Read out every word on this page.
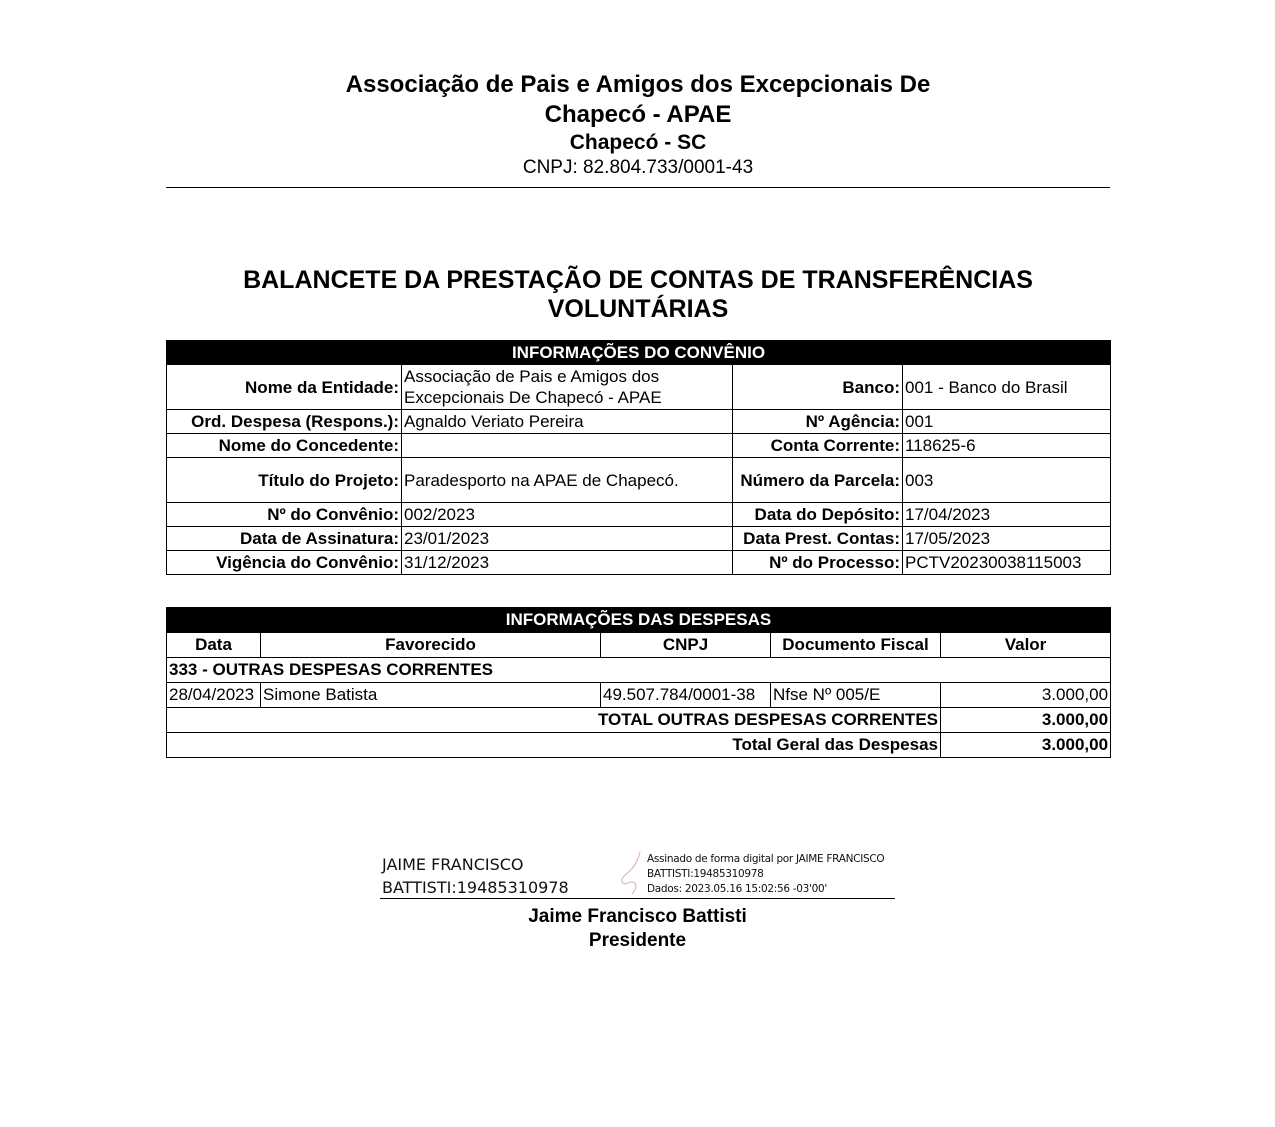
Associação de Pais e Amigos dos Excepcionais De Chapecó - APAE
Chapecó - SC
CNPJ: 82.804.733/0001-43
BALANCETE DA PRESTAÇÃO DE CONTAS DE TRANSFERÊNCIAS VOLUNTÁRIAS
INFORMAÇÕES DO CONVÊNIO			
Nome da Entidade:	Associação de Pais e Amigos dos Excepcionais De Chapecó - APAE	Banco:	001 - Banco do Brasil
Ord. Despesa (Respons.):	Agnaldo Veriato Pereira	Nº Agência:	001
Nome do Concedente:		Conta Corrente:	118625-6
Título do Projeto:	Paradesporto na APAE de Chapecó.	Número da Parcela:	003
Nº do Convênio:	002/2023	Data do Depósito:	17/04/2023
Data de Assinatura:	23/01/2023	Data Prest. Contas:	17/05/2023
Vigência do Convênio:	31/12/2023	Nº do Processo:	PCTV20230038115003
INFORMAÇÕES DAS DESPESAS				
Data	Favorecido	CNPJ	Documento Fiscal	Valor
333 - OUTRAS DESPESAS CORRENTES				
28/04/2023	Simone Batista	49.507.784/0001-38	Nfse Nº 005/E	3.000,00
TOTAL OUTRAS DESPESAS CORRENTES				3.000,00
Total Geral das Despesas				3.000,00
JAIME FRANCISCO
BATTISTI:19485310978
Assinado de forma digital por JAIME FRANCISCO
BATTISTI:19485310978
Dados: 2023.05.16 15:02:56 -03'00'
Jaime Francisco Battisti
Presidente
